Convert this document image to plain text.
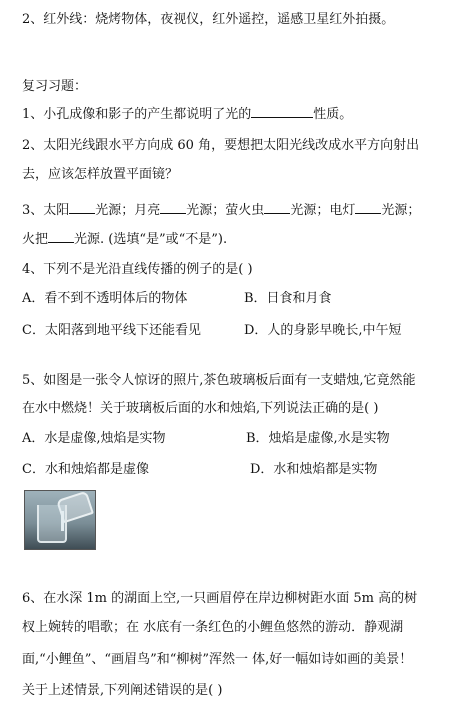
2、红外线：烧烤物体，夜视仪，红外遥控，遥感卫星红外拍摄。
复习习题：
1、小孔成像和影子的产生都说明了光的	性质。
2、太阳光线跟水平方向成 60 角，要想把太阳光线改成水平方向射出
去，应该怎样放置平面镜？
3、太阳 光源；月亮 光源；萤火虫 光源；电灯 光源；
火把 光源. (选填“是”或“不是”).
4、下列不是光沿直线传播的例子的是( )
A．看不到不透明体后的物体	B．日食和月食
C．太阳落到地平线下还能看见	D．人的身影早晚长,中午短
5、如图是一张令人惊讶的照片,茶色玻璃板后面有一支蜡烛,它竟然能
在水中燃烧！关于玻璃板后面的水和烛焰,下列说法正确的是( )
A．水是虚像,烛焰是实物	B．烛焰是虚像,水是实物
C．水和烛焰都是虚像	D．水和烛焰都是实物
6、在水深 1m 的湖面上空,一只画眉停在岸边柳树距水面 5m 高的树
杈上婉转的唱歌；在 水底有一条红色的小鲤鱼悠然的游动．静观湖
面,“小鲤鱼”、“画眉鸟”和“柳树”浑然一 体,好一幅如诗如画的美景！
关于上述情景,下列阐述错误的是( )
